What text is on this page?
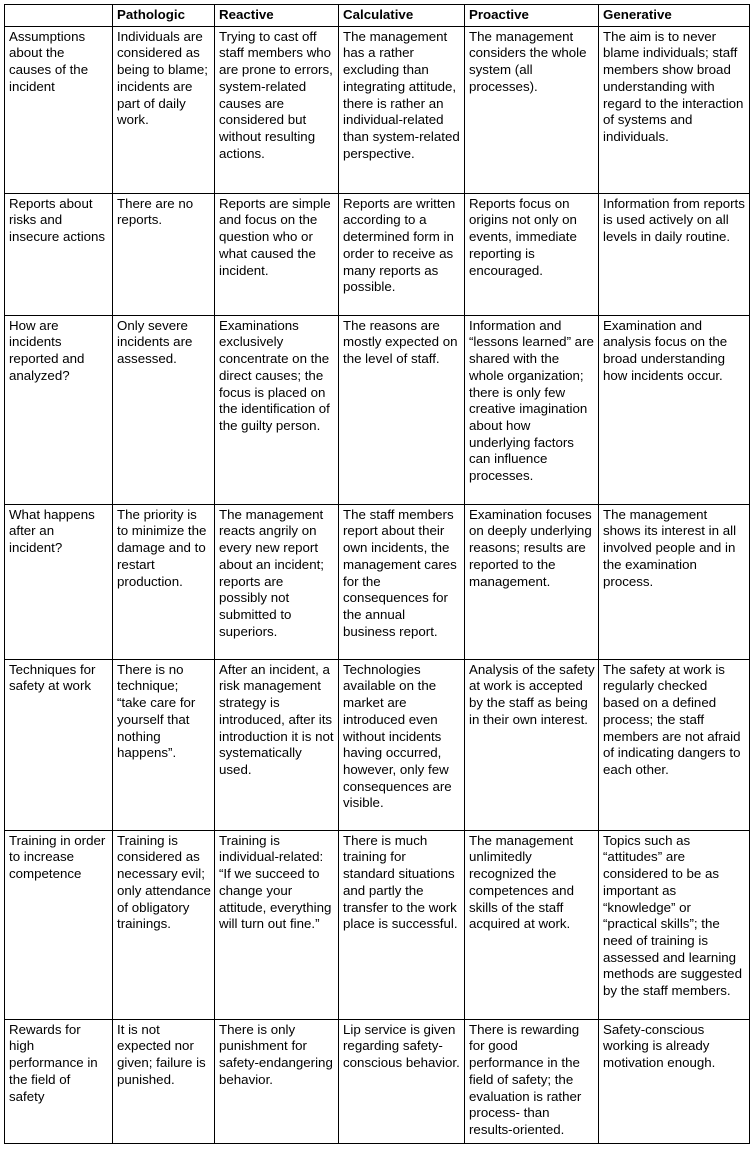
	Pathologic	Reactive	Calculative	Proactive	Generative
Assumptions about the causes of the incident	Individuals are considered as being to blame; incidents are part of daily work.	Trying to cast off staff members who are prone to errors, system-related causes are considered but without resulting actions.	The management has a rather excluding than integrating attitude, there is rather an individual-related than system-related perspective.	The management considers the whole system (all processes).	The aim is to never blame individuals; staff members show broad understanding with regard to the interaction of systems and individuals.
Reports about risks and insecure actions	There are no reports.	Reports are simple and focus on the question who or what caused the incident.	Reports are written according to a determined form in order to receive as many reports as possible.	Reports focus on origins not only on events, immediate reporting is encouraged.	Information from reports is used actively on all levels in daily routine.
How are incidents reported and analyzed?	Only severe incidents are assessed.	Examinations exclusively concentrate on the direct causes; the focus is placed on the identification of the guilty person.	The reasons are mostly expected on the level of staff.	Information and “lessons learned” are shared with the whole organization; there is only few creative imagination about how underlying factors can influence processes.	Examination and analysis focus on the broad understanding how incidents occur.
What happens after an incident?	The priority is to minimize the damage and to restart production.	The management reacts angrily on every new report about an incident; reports are possibly not submitted to superiors.	The staff members report about their own incidents, the management cares for the consequences for the annual business report.	Examination focuses on deeply underlying reasons; results are reported to the management.	The management shows its interest in all involved people and in the examination process.
Techniques for safety at work	There is no technique; “take care for yourself that nothing happens”.	After an incident, a risk management strategy is introduced, after its introduction it is not systematically used.	Technologies available on the market are introduced even without incidents having occurred, however, only few consequences are visible.	Analysis of the safety at work is accepted by the staff as being in their own interest.	The safety at work is regularly checked based on a defined process; the staff members are not afraid of indicating dangers to each other.
Training in order to increase competence	Training is considered as necessary evil; only attendance of obligatory trainings.	Training is individual-related: “If we succeed to change your attitude, everything will turn out fine.”	There is much training for standard situations and partly the transfer to the work place is successful.	The management unlimitedly recognized the competences and skills of the staff acquired at work.	Topics such as “attitudes” are considered to be as important as “knowledge” or “practical skills”; the need of training is assessed and learning methods are suggested by the staff members.
Rewards for high performance in the field of safety	It is not expected nor given; failure is punished.	There is only punishment for safety-endangering behavior.	Lip service is given regarding safety-conscious behavior.	There is rewarding for good performance in the field of safety; the evaluation is rather process- than results-oriented.	Safety-conscious working is already motivation enough.
